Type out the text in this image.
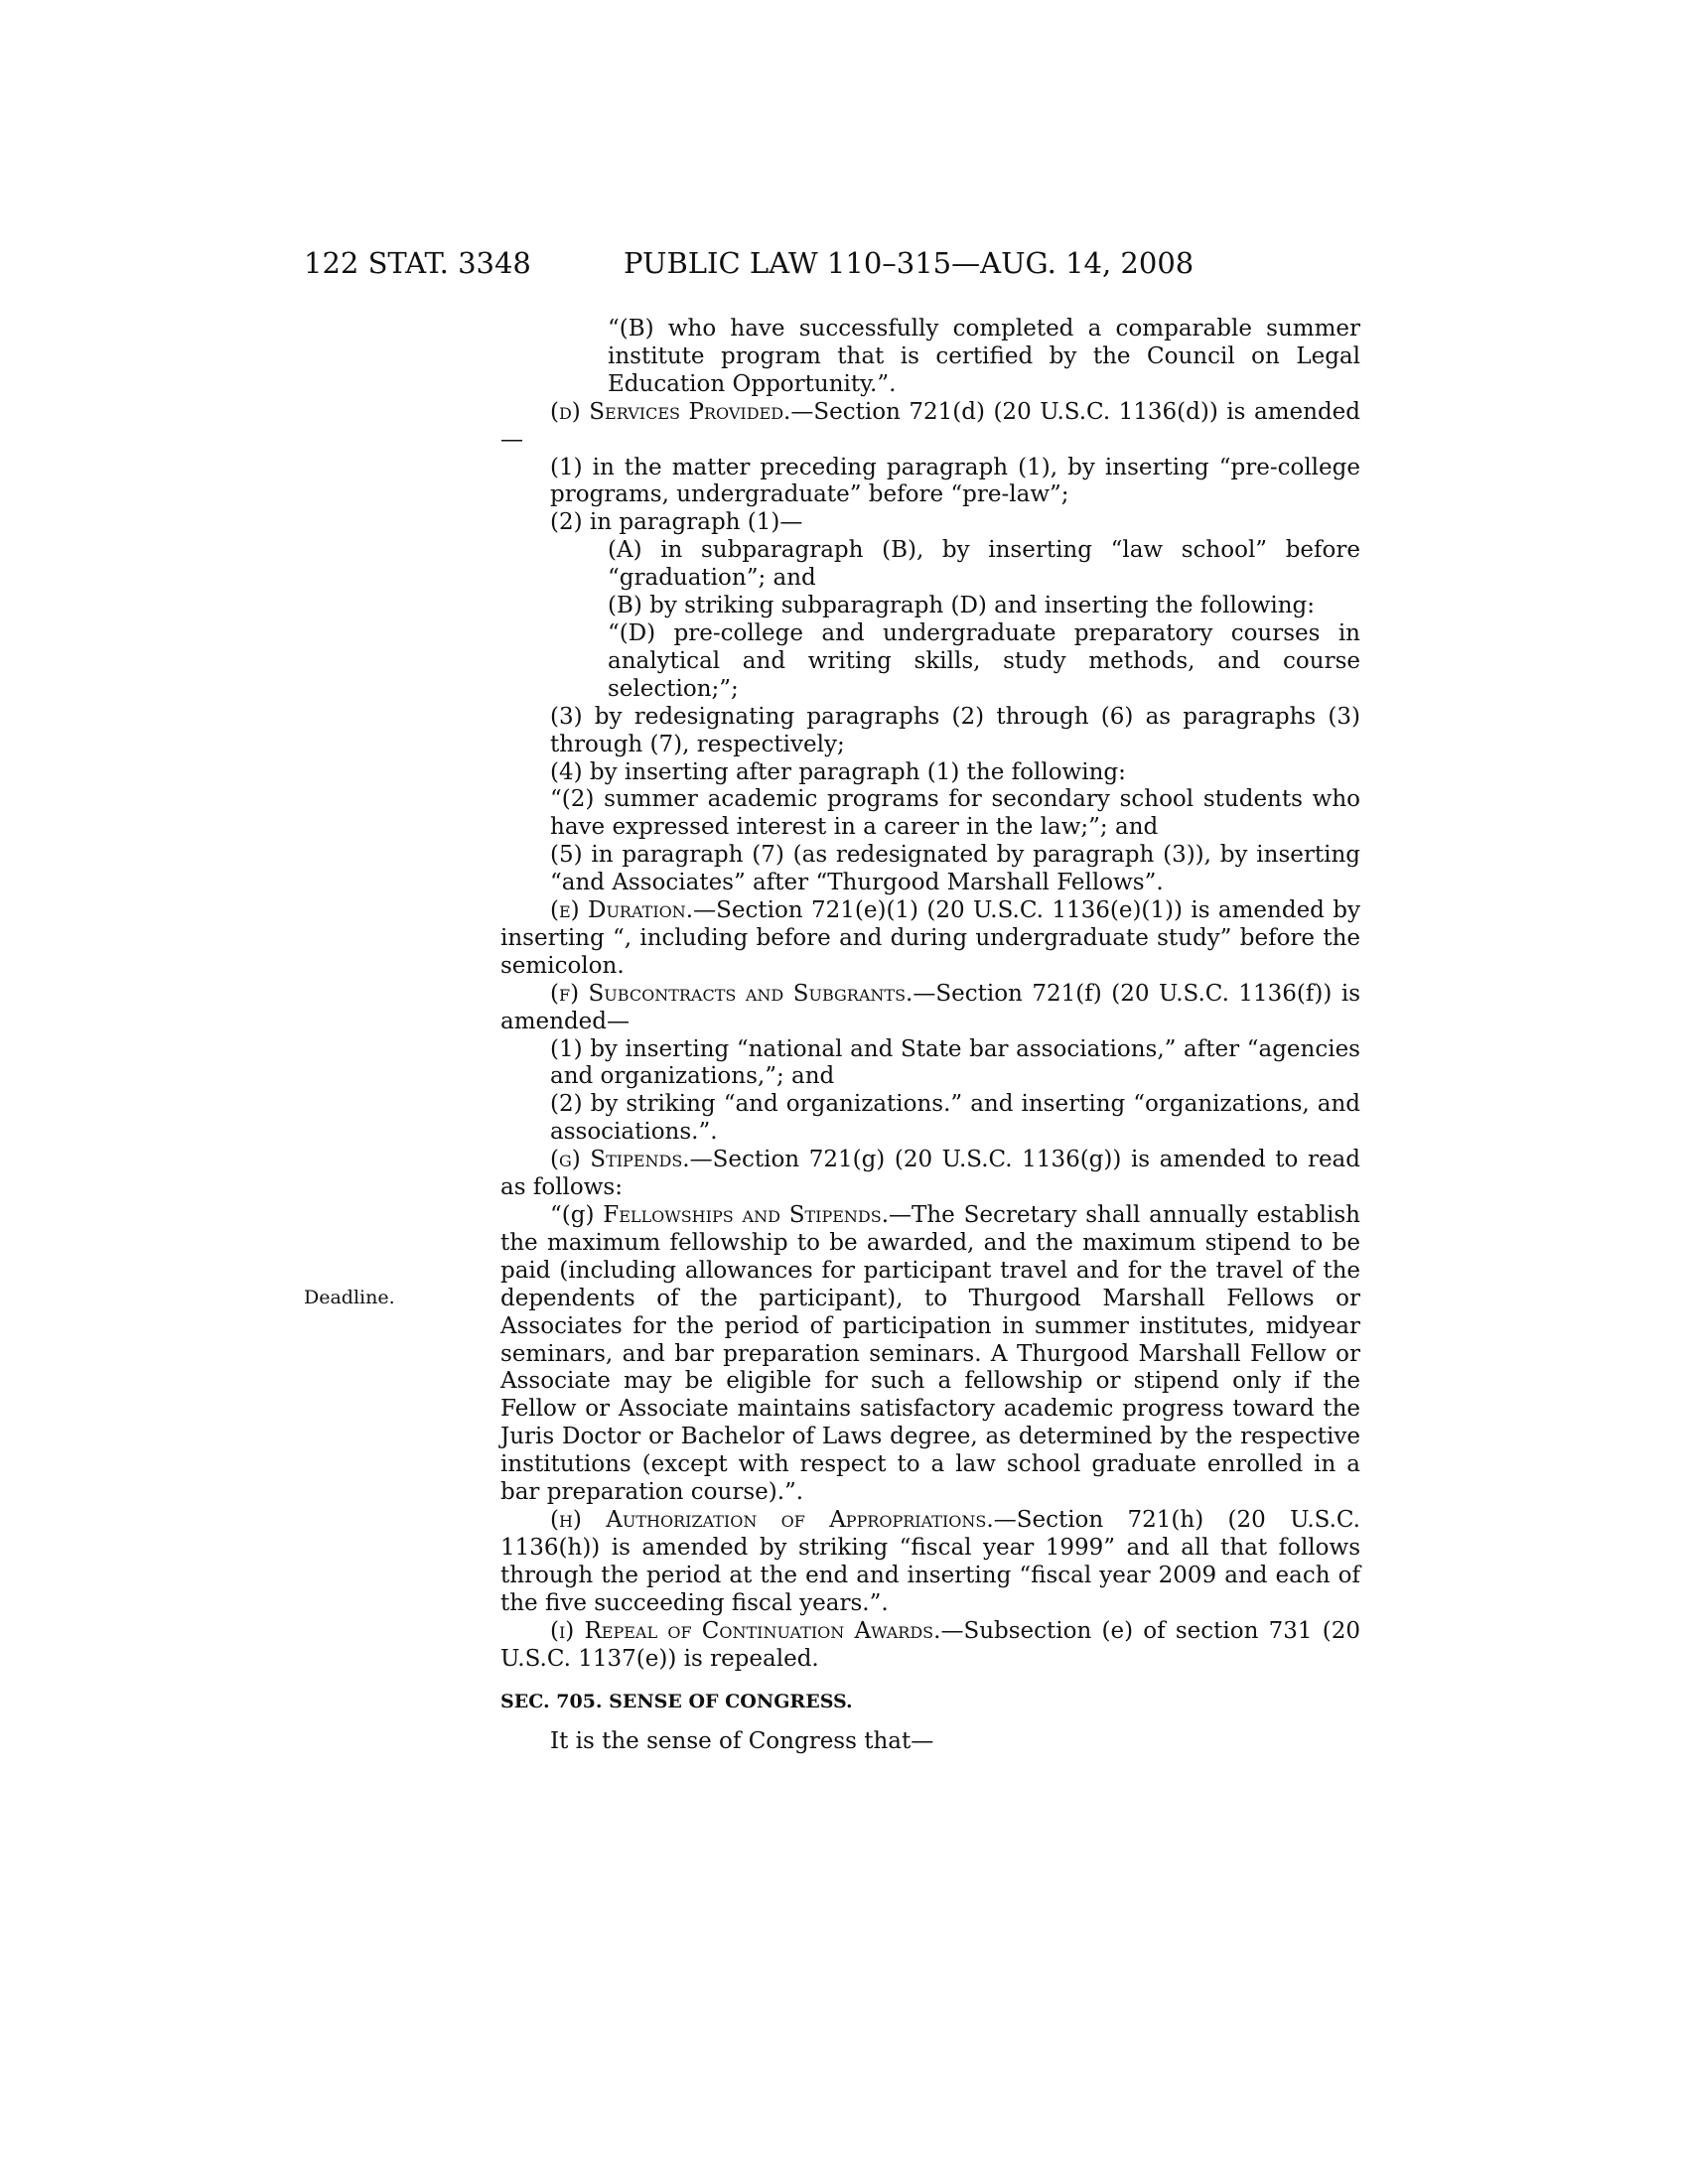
122 STAT. 3348	PUBLIC LAW 110–315—AUG. 14, 2008
Deadline.

“(B) who have successfully completed a comparable summer institute program that is certified by the Council on Legal Education Opportunity.”.

(d) Services Provided.—Section 721(d) (20 U.S.C. 1136(d)) is amended—

(1) in the matter preceding paragraph (1), by inserting “pre-college programs, undergraduate” before “pre-law”;

(2) in paragraph (1)—

(A) in subparagraph (B), by inserting “law school” before “graduation”; and

(B) by striking subparagraph (D) and inserting the following:

“(D) pre-college and undergraduate preparatory courses in analytical and writing skills, study methods, and course selection;”;

(3) by redesignating paragraphs (2) through (6) as paragraphs (3) through (7), respectively;

(4) by inserting after paragraph (1) the following:

“(2) summer academic programs for secondary school students who have expressed interest in a career in the law;”; and

(5) in paragraph (7) (as redesignated by paragraph (3)), by inserting “and Associates” after “Thurgood Marshall Fellows”.

(e) Duration.—Section 721(e)(1) (20 U.S.C. 1136(e)(1)) is amended by inserting “, including before and during undergraduate study” before the semicolon.

(f) Subcontracts and Subgrants.—Section 721(f) (20 U.S.C. 1136(f)) is amended—

(1) by inserting “national and State bar associations,” after “agencies and organizations,”; and

(2) by striking “and organizations.” and inserting “organizations, and associations.”.

(g) Stipends.—Section 721(g) (20 U.S.C. 1136(g)) is amended to read as follows:

“(g) Fellowships and Stipends.—The Secretary shall annually establish the maximum fellowship to be awarded, and the maximum stipend to be paid (including allowances for participant travel and for the travel of the dependents of the participant), to Thurgood Marshall Fellows or Associates for the period of participation in summer institutes, midyear seminars, and bar preparation seminars. A Thurgood Marshall Fellow or Associate may be eligible for such a fellowship or stipend only if the Fellow or Associate maintains satisfactory academic progress toward the Juris Doctor or Bachelor of Laws degree, as determined by the respective institutions (except with respect to a law school graduate enrolled in a bar preparation course).”.

(h) Authorization of Appropriations.—Section 721(h) (20 U.S.C. 1136(h)) is amended by striking “fiscal year 1999” and all that follows through the period at the end and inserting “fiscal year 2009 and each of the five succeeding fiscal years.”.

(i) Repeal of Continuation Awards.—Subsection (e) of section 731 (20 U.S.C. 1137(e)) is repealed.

SEC. 705. SENSE OF CONGRESS.

It is the sense of Congress that—
